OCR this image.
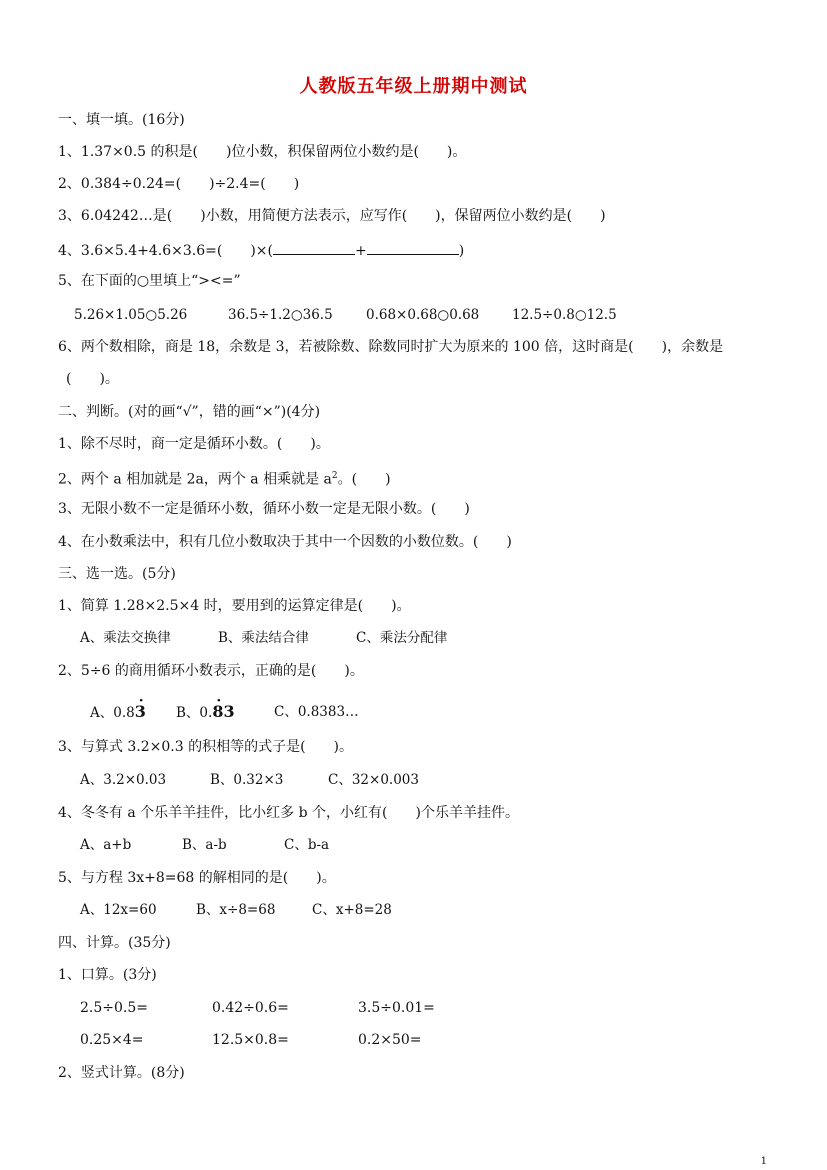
人教版五年级上册期中测试
一、填一填。(16分)
1、1.37×0.5 的积是(　　)位小数，积保留两位小数约是(　　)。
2、0.384÷0.24=(　　)÷2.4=(　　)
3、6.04242…是(　　)小数，用简便方法表示，应写作(　　)，保留两位小数约是(　　)
4、3.6×5.4+4.6×3.6=(　　)×(	+	)
5、在下面的○里填上“><=”
5.26×1.05○5.26	36.5÷1.2○36.5 0.68×0.68○0.68 12.5÷0.8○12.5
6、两个数相除，商是 18，余数是 3，若被除数、除数同时扩大为原来的 100 倍，这时商是(　　)，余数是
(　　)。
二、判断。(对的画“√”，错的画“×”)(4分)
1、除不尽时，商一定是循环小数。(　　)。
2、两个 a 相加就是 2a，两个 a 相乘就是 $a^2$。(　　)
3、无限小数不一定是循环小数，循环小数一定是无限小数。(　　)
4、在小数乘法中，积有几位小数取决于其中一个因数的小数位数。(　　)
三、选一选。(5分)
1、简算 1.28×2.5×4 时，要用到的运算定律是(　　)。
A、乘法交换律	B、乘法结合律	C、乘法分配律
2、5÷6 的商用循环小数表示，正确的是(　　)。
A、0.8· 3 B、0.· 83	C、0.8383…
3、与算式 3.2×0.3 的积相等的式子是(　　)。
A、3.2×0.03	B、0.32×3	C、32×0.003
4、冬冬有 a 个乐羊羊挂件，比小红多 b 个，小红有(　　)个乐羊羊挂件。
A、a+b	B、a-b	C、b-a
5、与方程 3x+8=68 的解相同的是(　　)。
A、12x=60	B、x÷8=68	C、x+8=28
四、计算。(35分)
1、口算。(3分)
2.5÷0.5=	0.42÷0.6=	3.5÷0.01=
0.25×4=	12.5×0.8=	0.2×50=
2、竖式计算。(8分)
1
